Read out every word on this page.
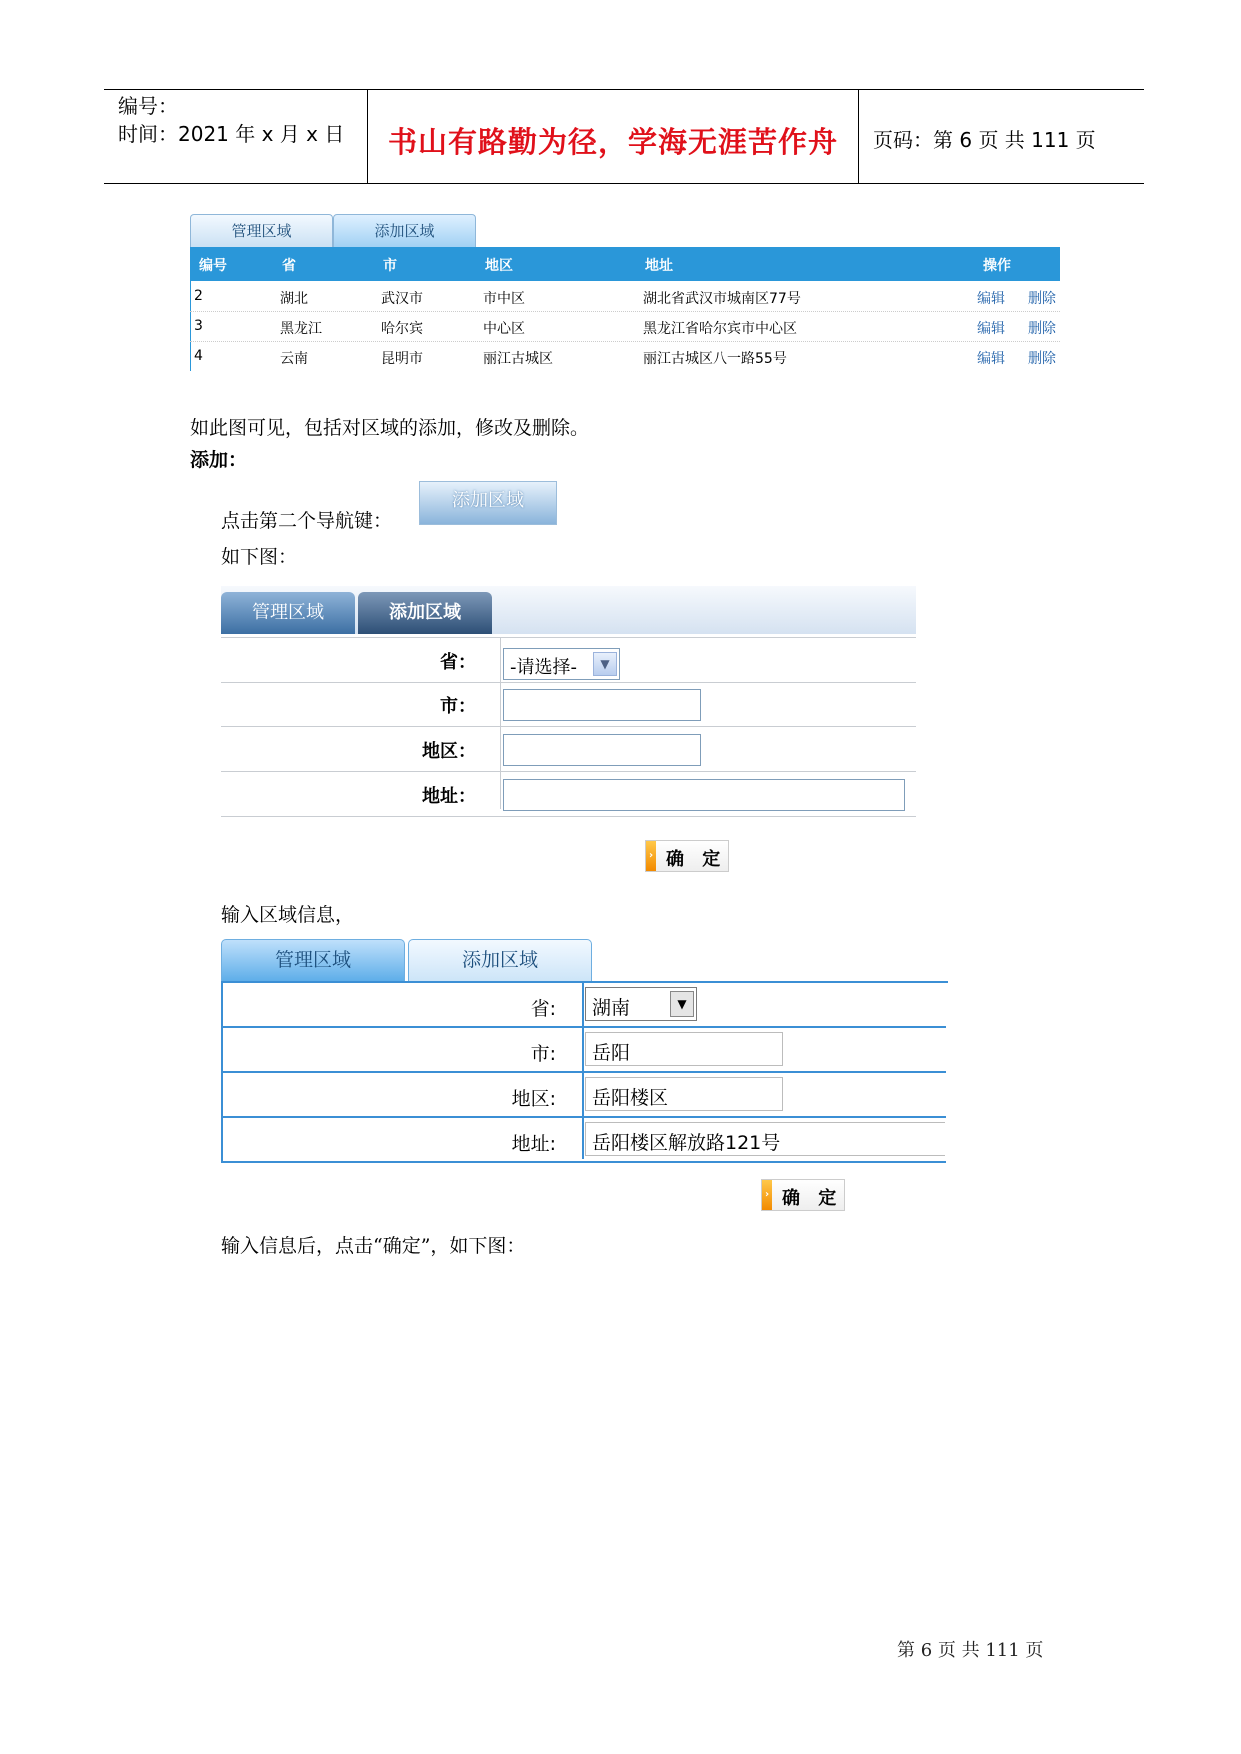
编号：
时间：2021 年 x 月 x 日	书山有路勤为径，学海无涯苦作舟	页码：第 6 页 共 111 页
管理区域	添加区域
编号	省	市	地区	地址	操作
2	湖北	武汉市	市中区	湖北省武汉市城南区77号	编辑 删除
3	黑龙江	哈尔宾	中心区	黑龙江省哈尔宾市中心区	编辑 删除
4	云南	昆明市	丽江古城区	丽江古城区八一路55号	编辑 删除
如此图可见，包括对区域的添加，修改及删除。
添加：
点击第二个导航键：
添加区域
如下图：
管理区域	添加区域
省： -请选择-	▼
市：
地区：
地址：
› 确 定
输入区域信息，
管理区域	添加区域
省: 湖南	▼
市: 岳阳
地区: 岳阳楼区
地址: 岳阳楼区解放路121号
› 确 定
输入信息后，点击“确定”，如下图：
第 6 页 共 111 页
